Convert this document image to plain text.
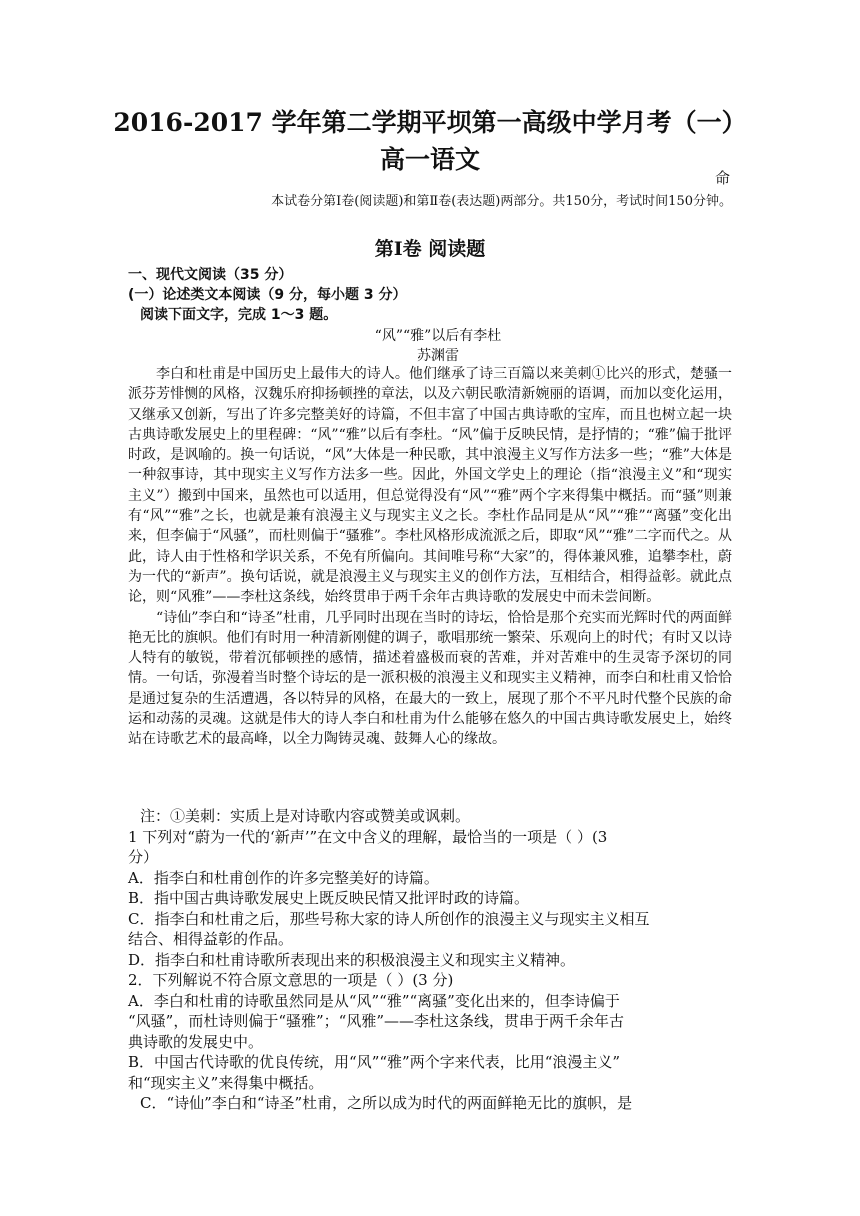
2016-2017 学年第二学期平坝第一高级中学月考（一）
高一语文
命
本试卷分第Ⅰ卷(阅读题)和第Ⅱ卷(表达题)两部分。共150分，考试时间150分钟。
第Ⅰ卷 阅读题
一、现代文阅读（35 分）
(一）论述类文本阅读（9 分，每小题 3 分）
阅读下面文字，完成 1～3 题。
“风”“雅”以后有李杜
苏渊雷

李白和杜甫是中国历史上最伟大的诗人。他们继承了诗三百篇以来美刺①比兴的形式，楚骚一派芬芳悱恻的风格，汉魏乐府抑扬顿挫的章法，以及六朝民歌清新婉丽的语调，而加以变化运用，又继承又创新，写出了许多完整美好的诗篇，不但丰富了中国古典诗歌的宝库，而且也树立起一块古典诗歌发展史上的里程碑：“风”“雅”以后有李杜。“风”偏于反映民情，是抒情的；“雅”偏于批评时政，是讽喻的。换一句话说，“风”大体是一种民歌，其中浪漫主义写作方法多一些；“雅”大体是一种叙事诗，其中现实主义写作方法多一些。因此，外国文学史上的理论（指“浪漫主义”和“现实主义”）搬到中国来，虽然也可以适用，但总觉得没有“风”“雅”两个字来得集中概括。而“骚”则兼有“风”“雅”之长，也就是兼有浪漫主义与现实主义之长。李杜作品同是从“风”“雅”“离骚”变化出来，但李偏于“风骚”，而杜则偏于“骚雅”。李杜风格形成流派之后，即取“风”“雅”二字而代之。从此，诗人由于性格和学识关系，不免有所偏向。其间唯号称“大家”的，得体兼风雅，追攀李杜，蔚为一代的“新声”。换句话说，就是浪漫主义与现实主义的创作方法，互相结合，相得益彰。就此点论，则“风雅”——李杜这条线，始终贯串于两千余年古典诗歌的发展史中而未尝间断。

“诗仙”李白和“诗圣”杜甫，几乎同时出现在当时的诗坛，恰恰是那个充实而光辉时代的两面鲜艳无比的旗帜。他们有时用一种清新刚健的调子，歌唱那统一繁荣、乐观向上的时代；有时又以诗人特有的敏锐，带着沉郁顿挫的感情，描述着盛极而衰的苦难，并对苦难中的生灵寄予深切的同情。一句话，弥漫着当时整个诗坛的是一派积极的浪漫主义和现实主义精神，而李白和杜甫又恰恰是通过复杂的生活遭遇，各以特异的风格，在最大的一致上，展现了那个不平凡时代整个民族的命运和动荡的灵魂。这就是伟大的诗人李白和杜甫为什么能够在悠久的中国古典诗歌发展史上，始终站在诗歌艺术的最高峰，以全力陶铸灵魂、鼓舞人心的缘故。

注：①美刺：实质上是对诗歌内容或赞美或讽刺。
1 下列对“蔚为一代的‘新声’”在文中含义的理解，最恰当的一项是（ ）(3
分）
A．指李白和杜甫创作的许多完整美好的诗篇。
B．指中国古典诗歌发展史上既反映民情又批评时政的诗篇。
C．指李白和杜甫之后，那些号称大家的诗人所创作的浪漫主义与现实主义相互
结合、相得益彰的作品。
D．指李白和杜甫诗歌所表现出来的积极浪漫主义和现实主义精神。
2．下列解说不符合原文意思的一项是（ ）(3 分)
A．李白和杜甫的诗歌虽然同是从“风”“雅”“离骚”变化出来的，但李诗偏于
“风骚”，而杜诗则偏于“骚雅”；“风雅”——李杜这条线，贯串于两千余年古
典诗歌的发展史中。
B．中国古代诗歌的优良传统，用“风”“雅”两个字来代表，比用“浪漫主义”
和“现实主义”来得集中概括。
C．“诗仙”李白和“诗圣”杜甫，之所以成为时代的两面鲜艳无比的旗帜，是
